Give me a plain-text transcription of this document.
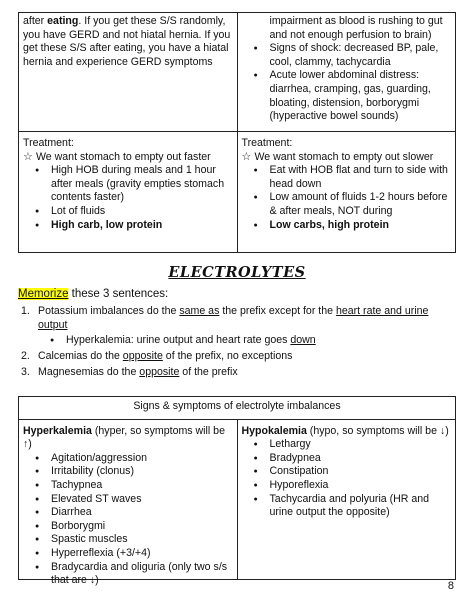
after eating. If you get these S/S randomly, you have GERD and not hiatal hernia. If you get these S/S after eating, you have a hiatal hernia and experience GERD symptoms
impairment as blood is rushing to gut and not enough perfusion to brain)
● Signs of shock: decreased BP, pale, cool, clammy, tachycardia
● Acute lower abdominal distress: diarrhea, cramping, gas, guarding, bloating, distension, borborygmi (hyperactive bowel sounds)
Treatment:
☆ We want stomach to empty out faster
● High HOB during meals and 1 hour after meals (gravity empties stomach contents faster)
● Lot of fluids
● High carb, low protein
Treatment:
☆ We want stomach to empty out slower
● Eat with HOB flat and turn to side with head down
● Low amount of fluids 1-2 hours before & after meals, NOT during
● Low carbs, high protein
ELECTROLYTES
Memorize these 3 sentences:
1. Potassium imbalances do the same as the prefix except for the heart rate and urine output
● Hyperkalemia: urine output and heart rate goes down
2. Calcemias do the opposite of the prefix, no exceptions
3. Magnesemias do the opposite of the prefix
Signs & symptoms of electrolyte imbalances
Hyperkalemia (hyper, so symptoms will be ↑)
● Agitation/aggression
● Irritability (clonus)
● Tachypnea
● Elevated ST waves
● Diarrhea
● Borborygmi
● Spastic muscles
● Hyperreflexia (+3/+4)
● Bradycardia and oliguria (only two s/s that are ↓)
Hypokalemia (hypo, so symptoms will be ↓)
● Lethargy
● Bradypnea
● Constipation
● Hyporeflexia
● Tachycardia and polyuria (HR and urine output the opposite)
8
